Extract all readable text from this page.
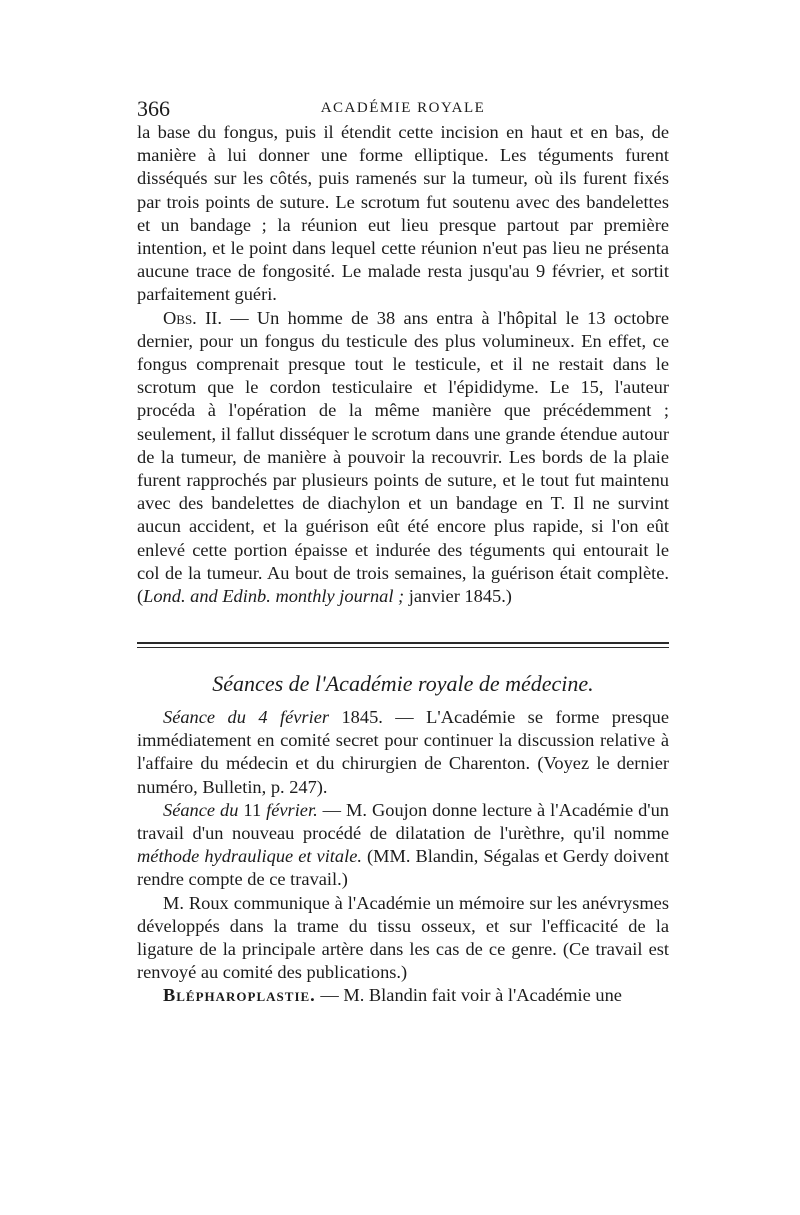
366	ACADÉMIE ROYALE

la base du fongus, puis il étendit cette incision en haut et en bas, de manière à lui donner une forme elliptique. Les téguments furent disséqués sur les côtés, puis ramenés sur la tumeur, où ils furent fixés par trois points de suture. Le scrotum fut soutenu avec des bandelettes et un bandage ; la réunion eut lieu presque partout par première intention, et le point dans lequel cette réunion n'eut pas lieu ne présenta aucune trace de fongosité. Le malade resta jusqu'au 9 février, et sortit parfaitement guéri.

Obs. II. — Un homme de 38 ans entra à l'hôpital le 13 octobre dernier, pour un fongus du testicule des plus volumineux. En effet, ce fongus comprenait presque tout le testicule, et il ne restait dans le scrotum que le cordon testiculaire et l'épididyme. Le 15, l'auteur procéda à l'opération de la même manière que précédemment ; seulement, il fallut disséquer le scrotum dans une grande étendue autour de la tumeur, de manière à pouvoir la recouvrir. Les bords de la plaie furent rapprochés par plusieurs points de suture, et le tout fut maintenu avec des bandelettes de diachylon et un bandage en T. Il ne survint aucun accident, et la guérison eût été encore plus rapide, si l'on eût enlevé cette portion épaisse et indurée des téguments qui entourait le col de la tumeur. Au bout de trois semaines, la guérison était complète. (Lond. and Edinb. monthly journal ; janvier 1845.)

Séances de l'Académie royale de médecine.

Séance du 4 février 1845. — L'Académie se forme presque immédiatement en comité secret pour continuer la discussion relative à l'affaire du médecin et du chirurgien de Charenton. (Voyez le dernier numéro, Bulletin, p. 247).

Séance du 11 février. — M. Goujon donne lecture à l'Académie d'un travail d'un nouveau procédé de dilatation de l'urèthre, qu'il nomme méthode hydraulique et vitale. (MM. Blandin, Ségalas et Gerdy doivent rendre compte de ce travail.)

M. Roux communique à l'Académie un mémoire sur les anévrysmes développés dans la trame du tissu osseux, et sur l'efficacité de la ligature de la principale artère dans les cas de ce genre. (Ce travail est renvoyé au comité des publications.)

Blépharoplastie. — M. Blandin fait voir à l'Académie une
